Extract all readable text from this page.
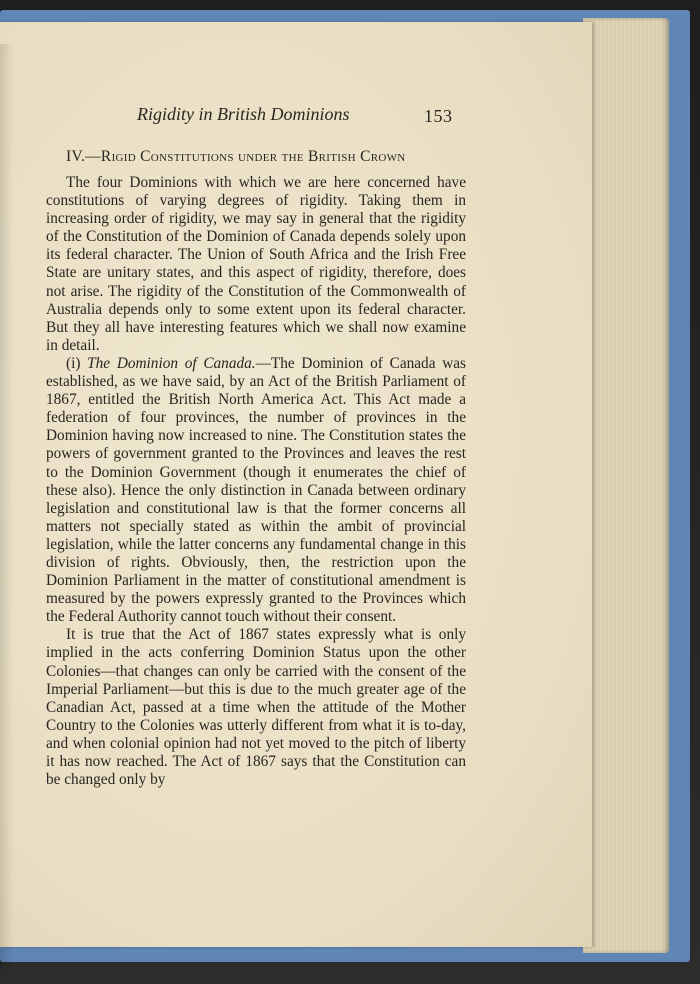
Rigidity in British Dominions	153
IV.—Rigid Constitutions under the British Crown

The four Dominions with which we are here concerned have constitutions of varying degrees of rigidity. Taking them in increasing order of rigidity, we may say in general that the rigidity of the Constitution of the Dominion of Canada depends solely upon its federal character. The Union of South Africa and the Irish Free State are unitary states, and this aspect of rigidity, therefore, does not arise. The rigidity of the Constitution of the Commonwealth of Australia depends only to some extent upon its federal character. But they all have interesting features which we shall now examine in detail.

(i) The Dominion of Canada.—The Dominion of Canada was established, as we have said, by an Act of the British Parliament of 1867, entitled the British North America Act. This Act made a federation of four provinces, the number of provinces in the Dominion having now increased to nine. The Constitution states the powers of government granted to the Provinces and leaves the rest to the Dominion Government (though it enumerates the chief of these also). Hence the only distinction in Canada between ordinary legislation and constitutional law is that the former concerns all matters not specially stated as within the ambit of provincial legislation, while the latter concerns any fundamental change in this division of rights. Obviously, then, the restriction upon the Dominion Parliament in the matter of constitutional amendment is measured by the powers expressly granted to the Provinces which the Federal Authority cannot touch without their consent.

It is true that the Act of 1867 states expressly what is only implied in the acts conferring Dominion Status upon the other Colonies—that changes can only be carried with the consent of the Imperial Parliament—but this is due to the much greater age of the Canadian Act, passed at a time when the attitude of the Mother Country to the Colonies was utterly different from what it is to-day, and when colonial opinion had not yet moved to the pitch of liberty it has now reached. The Act of 1867 says that the Constitution can be changed only by
